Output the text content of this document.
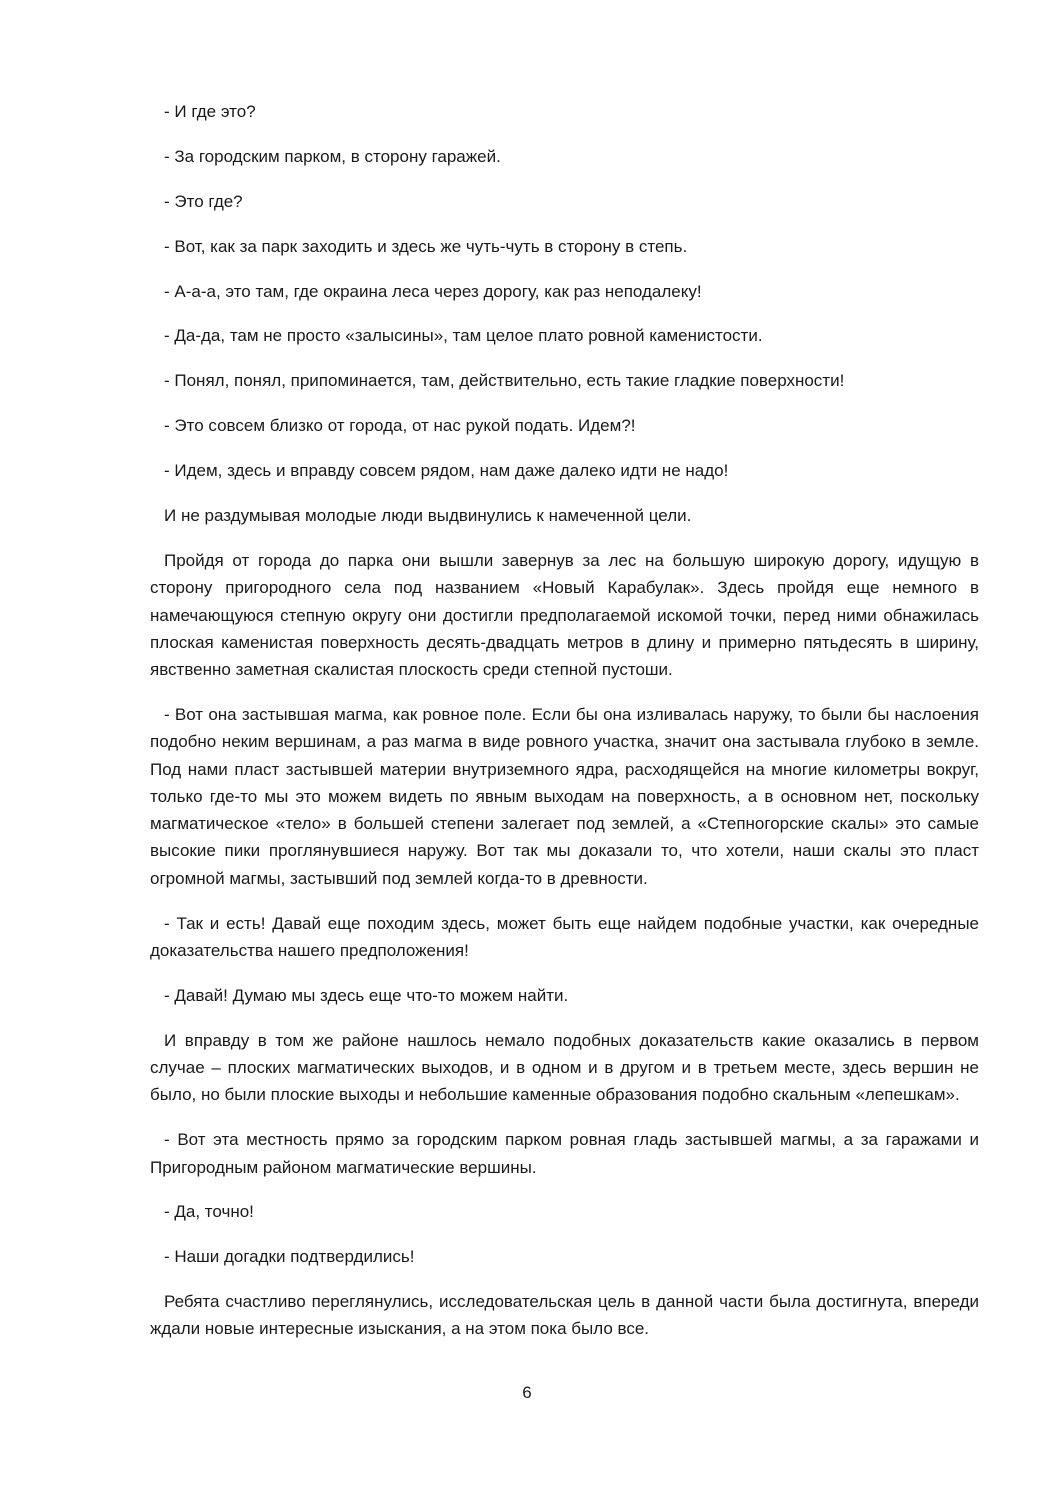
- И где это?

- За городским парком, в сторону гаражей.

- Это где?

- Вот, как за парк заходить и здесь же чуть-чуть в сторону в степь.

- А-а-а, это там, где окраина леса через дорогу, как раз неподалеку!

- Да-да, там не просто «залысины», там целое плато ровной каменистости.

- Понял, понял, припоминается, там, действительно, есть такие гладкие поверхности!

- Это совсем близко от города, от нас рукой подать. Идем?!

- Идем, здесь и вправду совсем рядом, нам даже далеко идти не надо!

И не раздумывая молодые люди выдвинулись к намеченной цели.

Пройдя от города до парка они вышли завернув за лес на большую широкую дорогу, идущую в сторону пригородного села под названием «Новый Карабулак». Здесь пройдя еще немного в намечающуюся степную округу они достигли предполагаемой искомой точки, перед ними обнажилась плоская каменистая поверхность десять-двадцать метров в длину и примерно пятьдесять в ширину, явственно заметная скалистая плоскость среди степной пустоши.

- Вот она застывшая магма, как ровное поле. Если бы она изливалась наружу, то были бы наслоения подобно неким вершинам, а раз магма в виде ровного участка, значит она застывала глубоко в земле. Под нами пласт застывшей материи внутриземного ядра, расходящейся на многие километры вокруг, только где-то мы это можем видеть по явным выходам на поверхность, а в основном нет, поскольку магматическое «тело» в большей степени залегает под землей, а «Степногорские скалы» это самые высокие пики проглянувшиеся наружу. Вот так мы доказали то, что хотели, наши скалы это пласт огромной магмы, застывший под землей когда-то в древности.

- Так и есть! Давай еще походим здесь, может быть еще найдем подобные участки, как очередные доказательства нашего предположения!

- Давай! Думаю мы здесь еще что-то можем найти.

И вправду в том же районе нашлось немало подобных доказательств какие оказались в первом случае – плоских магматических выходов, и в одном и в другом и в третьем месте, здесь вершин не было, но были плоские выходы и небольшие каменные образования подобно скальным «лепешкам».

- Вот эта местность прямо за городским парком ровная гладь застывшей магмы, а за гаражами и Пригородным районом магматические вершины.

- Да, точно!

- Наши догадки подтвердились!

Ребята счастливо переглянулись, исследовательская цель в данной части была достигнута, впереди ждали новые интересные изыскания, а на этом пока было все.

6
